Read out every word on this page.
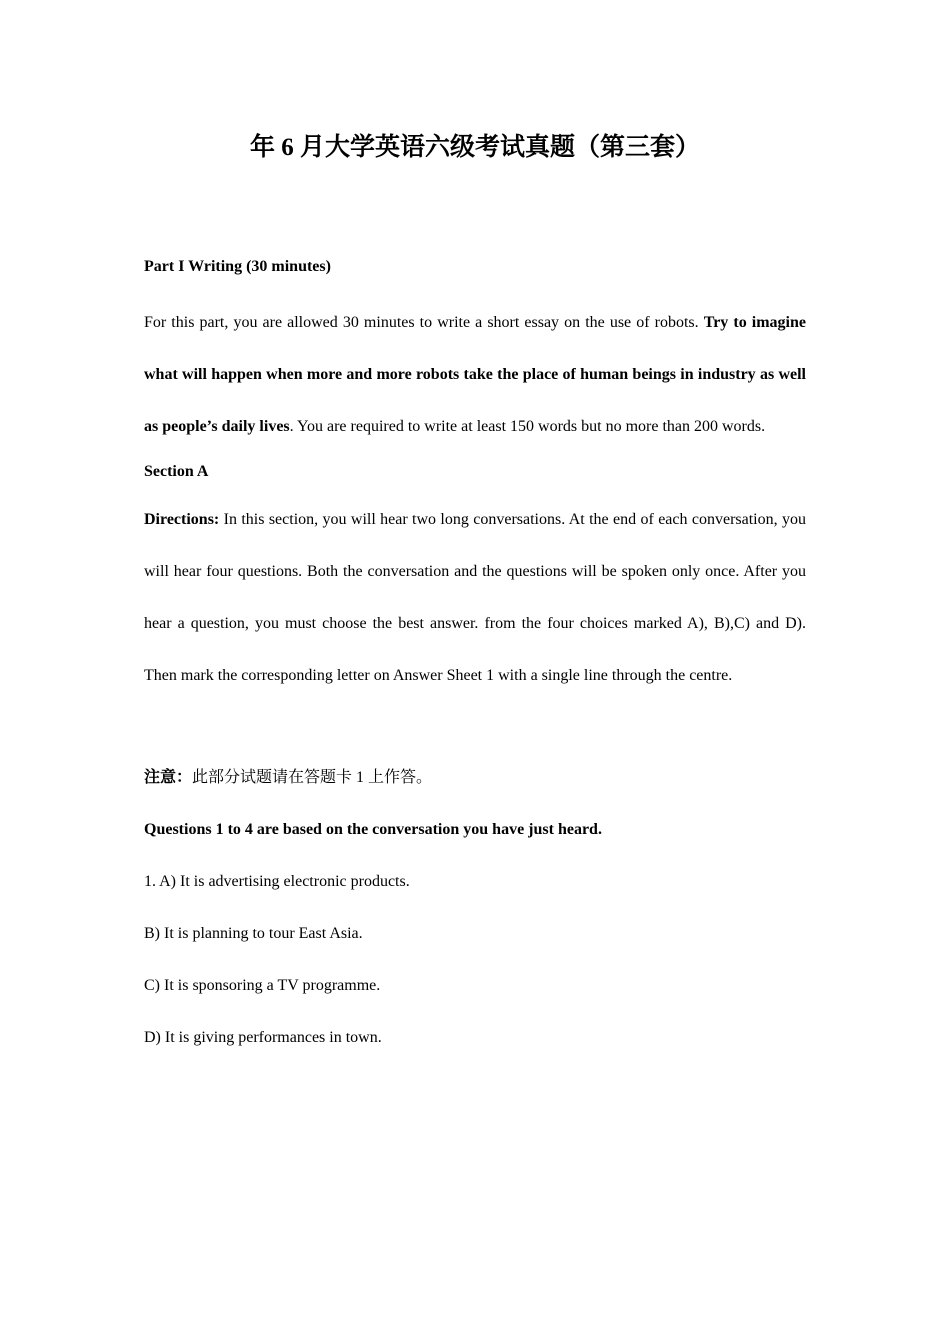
年 6 月大学英语六级考试真题（第三套）

Part I Writing (30 minutes)

For this part, you are allowed 30 minutes to write a short essay on the use of robots. Try to imagine what will happen when more and more robots take the place of human beings in industry as well as people’s daily lives. You are required to write at least 150 words but no more than 200 words.

Section A

Directions: In this section, you will hear two long conversations. At the end of each conversation, you will hear four questions. Both the conversation and the questions will be spoken only once. After you hear a question, you must choose the best answer. from the four choices marked A), B),C) and D). Then mark the corresponding letter on Answer Sheet 1 with a single line through the centre.

注意：此部分试题请在答题卡 1 上作答。

Questions 1 to 4 are based on the conversation you have just heard.

1. A) It is advertising electronic products.

B) It is planning to tour East Asia.

C) It is sponsoring a TV programme.

D) It is giving performances in town.
